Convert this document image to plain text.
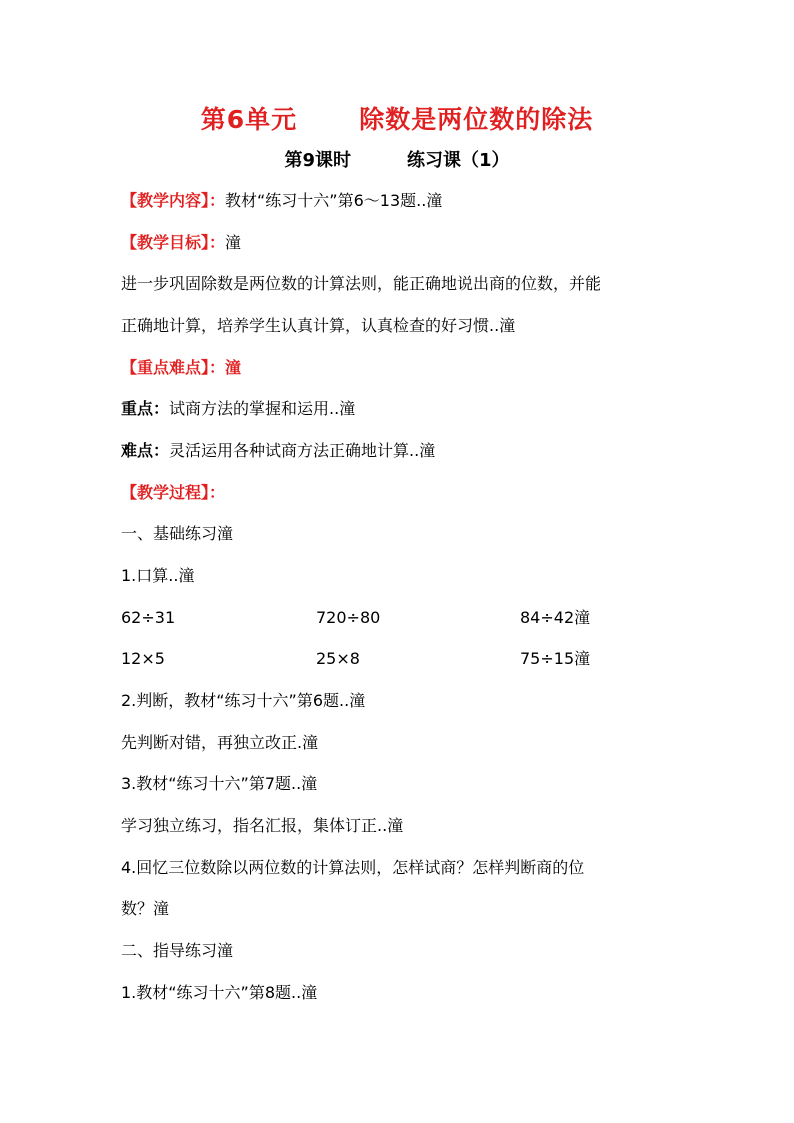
第6单元 除数是两位数的除法
第9课时	练习课（1）
【教学内容】：教材“练习十六”第6～13题..潼
【教学目标】：潼
进一步巩固除数是两位数的计算法则，能正确地说出商的位数，并能
正确地计算，培养学生认真计算，认真检查的好习惯..潼
【重点难点】：潼
重点：试商方法的掌握和运用..潼
难点：灵活运用各种试商方法正确地计算..潼
【教学过程】：
一、基础练习潼
1.口算..潼
62÷31	720÷80	84÷42潼
12×5	25×8	75÷15潼
2.判断，教材“练习十六”第6题..潼
先判断对错，再独立改正.潼
3.教材“练习十六”第7题..潼
学习独立练习，指名汇报，集体订正..潼
4.回忆三位数除以两位数的计算法则，怎样试商？怎样判断商的位
数？潼
二、指导练习潼
1.教材“练习十六”第8题..潼
